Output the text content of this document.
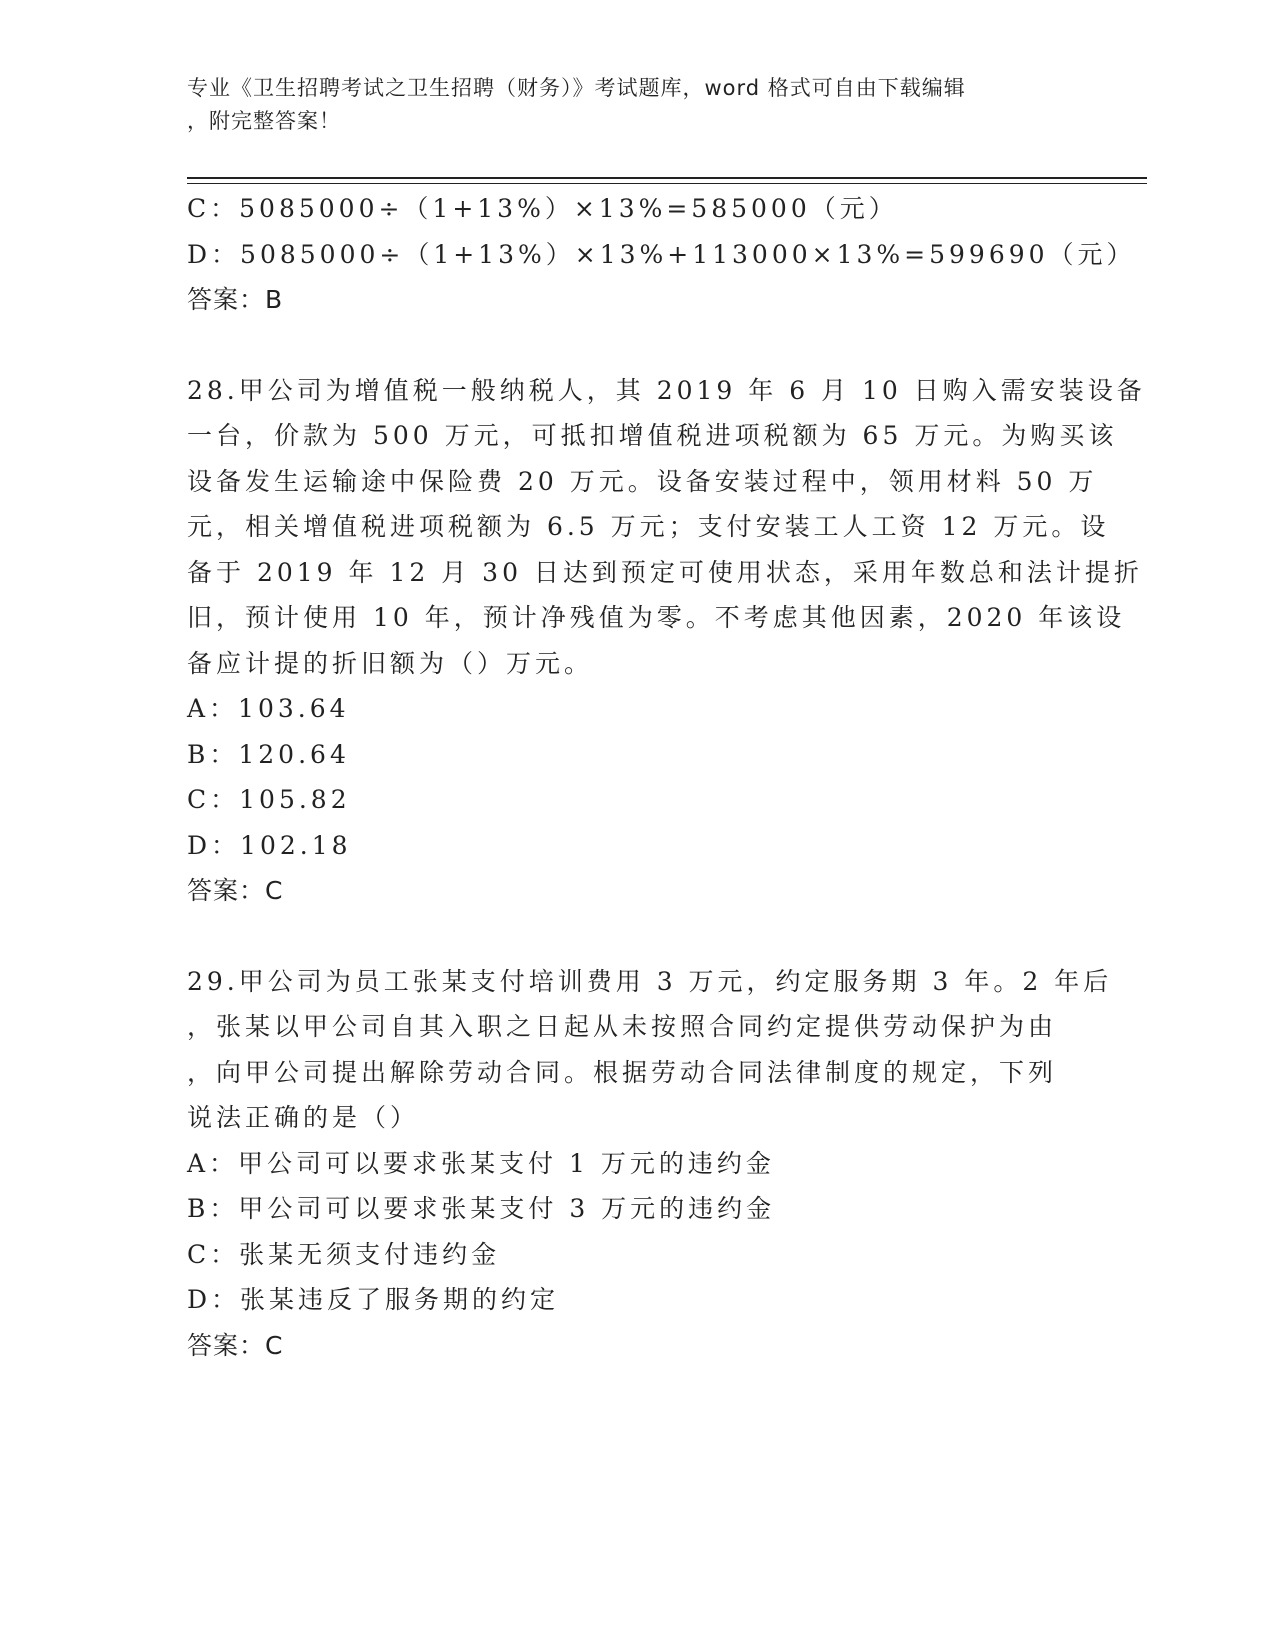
专业《卫生招聘考试之卫生招聘（财务）》考试题库，word 格式可自由下载编辑
，附完整答案！
C：5085000÷（1+13%）×13%=585000（元）
D：5085000÷（1+13%）×13%+113000×13%=599690（元）
答案：B
28.甲公司为增值税一般纳税人，其 2019 年 6 月 10 日购入需安装设备
一台，价款为 500 万元，可抵扣增值税进项税额为 65 万元。为购买该
设备发生运输途中保险费 20 万元。设备安装过程中，领用材料 50 万
元，相关增值税进项税额为 6.5 万元；支付安装工人工资 12 万元。设
备于 2019 年 12 月 30 日达到预定可使用状态，采用年数总和法计提折
旧，预计使用 10 年，预计净残值为零。不考虑其他因素，2020 年该设
备应计提的折旧额为（）万元。
A：103.64
B：120.64
C：105.82
D：102.18
答案：C
29.甲公司为员工张某支付培训费用 3 万元，约定服务期 3 年。2 年后
，张某以甲公司自其入职之日起从未按照合同约定提供劳动保护为由
，向甲公司提出解除劳动合同。根据劳动合同法律制度的规定，下列
说法正确的是（）
A：甲公司可以要求张某支付 1 万元的违约金
B：甲公司可以要求张某支付 3 万元的违约金
C：张某无须支付违约金
D：张某违反了服务期的约定
答案：C
